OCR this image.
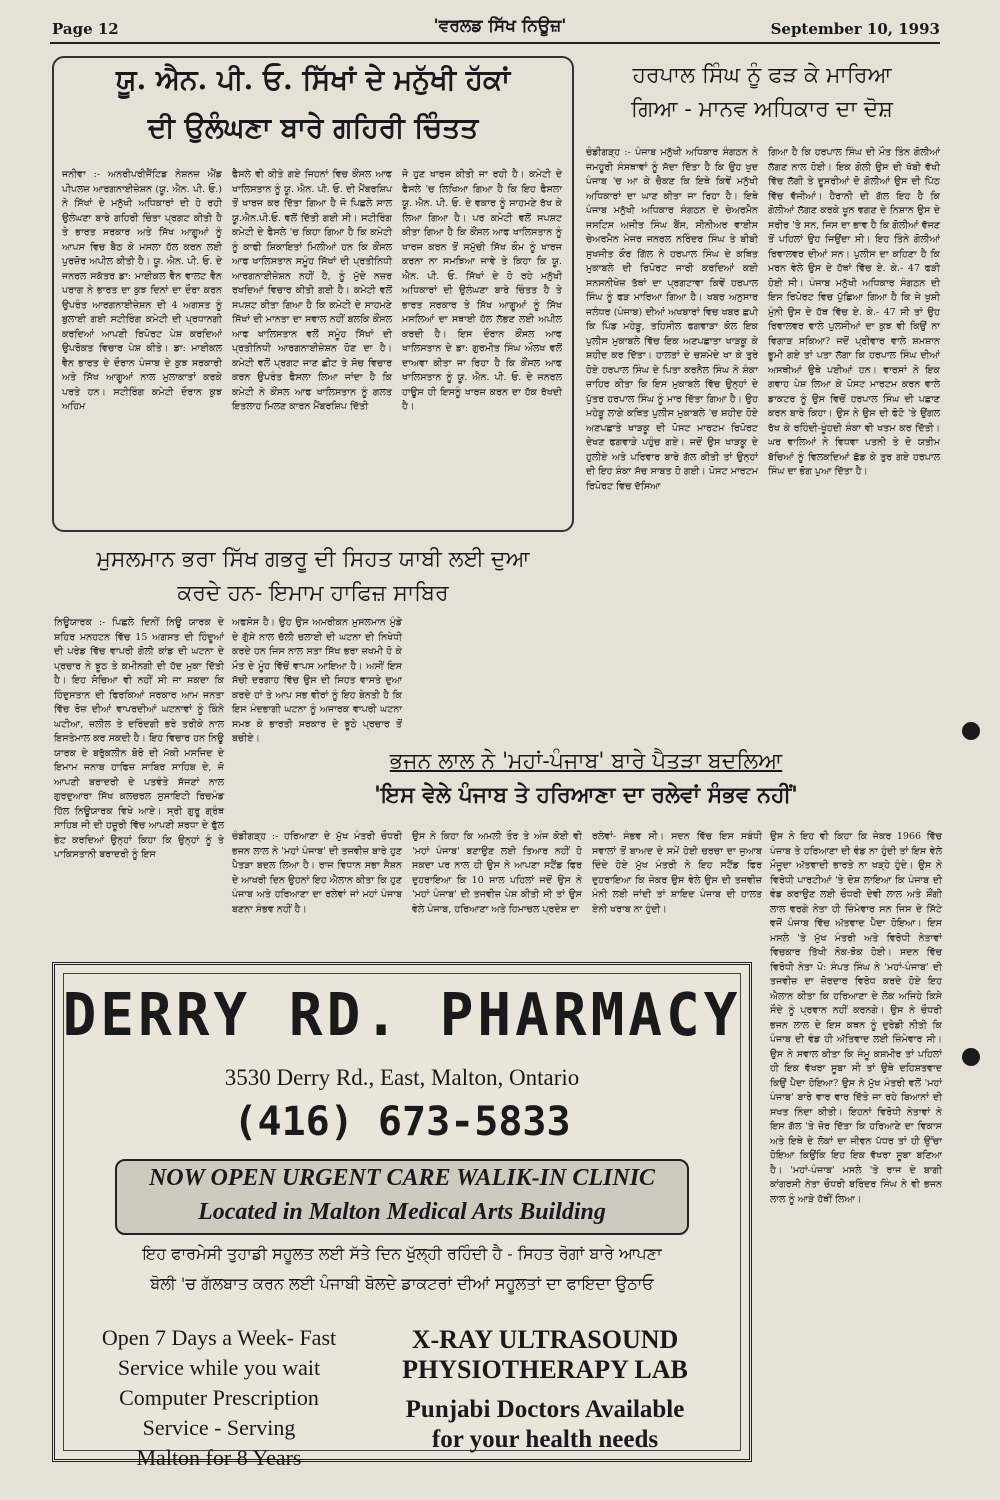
Page 12	'ਵਰਲਡ ਸਿੱਖ ਨਿਊਜ਼'	September 10, 1993
ਯੂ. ਐਨ. ਪੀ. ਓ. ਸਿੱਖਾਂ ਦੇ ਮਨੁੱਖੀ ਹੱਕਾਂ
ਦੀ ਉਲੰਘਣਾ ਬਾਰੇ ਗਹਿਰੀ ਚਿੰਤਤ
ਜਨੀਵਾ :- ਅਨਰੀਪਰੀਜੈਂਟਿਡ ਨੇਸ਼ਨਜ਼ ਐਂਡ ਪੀਪਲਜ਼ ਆਰਗਨਾਈਜ਼ੇਸ਼ਨ (ਯੂ. ਐਨ. ਪੀ. ਓ.) ਨੇ ਸਿੱਖਾਂ ਦੇ ਮਨੁੱਖੀ ਅਧਿਕਾਰਾਂ ਦੀ ਹੋ ਰਹੀ ਉਲੰਘਣਾ ਬਾਰੇ ਗਹਿਰੀ ਚਿੰਤਾ ਪ੍ਰਗਟ ਕੀਤੀ ਹੈ ਤੇ ਭਾਰਤ ਸਰਕਾਰ ਅਤੇ ਸਿੱਖ ਆਗੂਆਂ ਨੂੰ ਆਪਸ ਵਿਚ ਬੈਠ ਕੇ ਮਸਲਾ ਹੱਲ ਕਰਨ ਲਈ ਪੁਰਜ਼ੋਰ ਅਪੀਲ ਕੀਤੀ ਹੈ। ਯੂ. ਐਨ. ਪੀ. ਓ. ਦੇ ਜਨਰਲ ਸਕੱਤਰ ਡਾ: ਮਾਈਕਲ ਵੈਨ ਵਾਲਟ ਵੈਨ ਪਰਾਗ ਨੇ ਭਾਰਤ ਦਾ ਕੁਝ ਦਿਨਾਂ ਦਾ ਦੌਰਾ ਕਰਨ ਉਪਰੰਤ ਆਰਗਨਾਈਜ਼ੇਸ਼ਨ ਦੀ 4 ਅਗਸਤ ਨੂੰ ਬੁਲਾਈ ਗਈ ਸਟੀਰਿੰਗ ਕਮੇਟੀ ਦੀ ਪ੍ਰਧਾਨਗੀ ਕਰਦਿਆਂ ਆਪਣੀ ਰਿਪੋਰਟ ਪੇਸ਼ ਕਰਦਿਆਂ ਉਪਰੋਕਤ ਵਿਚਾਰ ਪੇਸ਼ ਕੀਤੇ। ਡਾ: ਮਾਈਕਲ ਵੈਨ ਭਾਰਤ ਦੇ ਦੌਰਾਨ ਪੰਜਾਬ ਦੇ ਕੁਝ ਸਰਕਾਰੀ ਅਤੇ ਸਿੱਖ ਆਗੂਆਂ ਨਾਲ ਮੁਲਾਕਾਤਾਂ ਕਰਕੇ ਪਰਤੇ ਹਨ। ਸਟੀਰਿੰਗ ਕਮੇਟੀ ਦੌਰਾਨ ਕੁਝ ਅਹਿਮ
ਫੈਸਲੇ ਵੀ ਕੀਤੇ ਗਏ ਜਿਹਨਾਂ ਵਿਚ ਕੌਂਸਲ ਆਫ ਖਾਲਿਸਤਾਨ ਨੂੰ ਯੂ. ਐਨ. ਪੀ. ਓ. ਦੀ ਮੈਂਬਰਸ਼ਿਪ ਤੋਂ ਖਾਰਜ ਕਰ ਦਿੱਤਾ ਗਿਆ ਹੈ ਜੋ ਪਿਛਲੇ ਸਾਲ ਯੂ.ਐਨ.ਪੀ.ਓ. ਵਲੋਂ ਦਿੱਤੀ ਗਈ ਸੀ। ਸਟੀਰਿੰਗ ਕਮੇਟੀ ਦੇ ਫੈਸਲੇ 'ਚ ਕਿਹਾ ਗਿਆ ਹੈ ਕਿ ਕਮੇਟੀ ਨੂੰ ਕਾਫੀ ਸ਼ਿਕਾਇਤਾਂ ਮਿਲੀਆਂ ਹਨ ਕਿ ਕੌਂਸਲ ਆਫ ਖਾਲਿਸਤਾਨ ਸਮੂੰਹ ਸਿੱਖਾਂ ਦੀ ਪ੍ਰਤੀਨਿਧੀ ਆਰਗਨਾਈਜ਼ੇਸ਼ਨ ਨਹੀਂ ਹੈ, ਨੂੰ ਮੁੱਦੇ ਨਜ਼ਰ ਰਖਦਿਆਂ ਵਿਚਾਰ ਕੀਤੀ ਗਈ ਹੈ। ਕਮੇਟੀ ਵਲੋਂ ਸਪਸ਼ਟ ਕੀਤਾ ਗਿਆ ਹੈ ਕਿ ਕਮੇਟੀ ਦੇ ਸਾਹਮਣੇ ਸਿੱਖਾਂ ਦੀ ਮਾਨਤਾ ਦਾ ਸਵਾਲ ਨਹੀਂ ਬਲਕਿ ਕੌਂਸਲ ਆਫ ਖਾਲਿਸਤਾਨ ਵਲੋਂ ਸਮੂੰਹ ਸਿੱਖਾਂ ਦੀ ਪ੍ਰਤੀਨਿਧੀ ਆਰਗਨਾਈਜ਼ੇਸ਼ਨ ਹੋਣ ਦਾ ਹੈ। ਕਮੇਟੀ ਵਲੋਂ ਪ੍ਰਗਟ ਜਾਣ ਛੀਟ ਤੇ ਸੋਚ ਵਿਚਾਰ ਕਰਨ ਉਪਰੰਤ ਫੈਸਲਾ ਲਿਆ ਜਾਂਦਾ ਹੈ ਕਿ ਕਮੇਟੀ ਨੇ ਕੌਂਸਲ ਆਫ ਖਾਲਿਸਤਾਨ ਨੂੰ ਗਲਤ ਇਤਲਾਹ ਮਿਲਣ ਕਾਰਨ ਮੈਂਬਰਸ਼ਿਪ ਦਿੱਤੀ
ਜੋ ਹੁਣ ਖਾਰਜ ਕੀਤੀ ਜਾ ਰਹੀ ਹੈ। ਕਮੇਟੀ ਦੇ ਫੈਸਲੇ 'ਚ ਲਿਖਿਆ ਗਿਆ ਹੈ ਕਿ ਇਹ ਫੈਸਲਾ ਯੂ. ਐਨ. ਪੀ. ਓ. ਦੇ ਵਕਾਰ ਨੂੰ ਸਾਹਮਣੇ ਰੱਖ ਕੇ ਲਿਆ ਗਿਆ ਹੈ। ਪਰ ਕਮੇਟੀ ਵਲੋਂ ਸਪਸ਼ਟ ਕੀਤਾ ਗਿਆ ਹੈ ਕਿ ਕੌਂਸਲ ਆਫ ਖਾਲਿਸਤਾਨ ਨੂੰ ਖਾਰਜ ਕਰਨ ਤੋਂ ਸਮੁੱਚੀ ਸਿੱਖ ਕੌਮ ਨੂੰ ਖਾਰਜ ਕਰਨਾ ਨਾ ਸਮਝਿਆ ਜਾਵੇ ਤੇ ਕਿਹਾ ਕਿ ਯੂ. ਐਨ. ਪੀ. ਓ. ਸਿੱਖਾਂ ਦੇ ਹੋ ਰਹੇ ਮਨੁੱਖੀ ਅਧਿਕਾਰਾਂ ਦੀ ਉਲੰਘਣਾ ਬਾਰੇ ਚਿੰਤਤ ਹੈ ਤੇ ਭਾਰਤ ਸਰਕਾਰ ਤੇ ਸਿੱਖ ਆਗੂਆਂ ਨੂੰ ਸਿੱਖ ਮਸਲਿਆਂ ਦਾ ਸਥਾਈ ਹੱਲ ਲੱਭਣ ਲਈ ਅਪੀਲ ਕਰਦੀ ਹੈ। ਇਸ ਦੌਰਾਨ ਕੌਂਸਲ ਆਫ ਖਾਲਿਸਤਾਨ ਦੇ ਡਾ: ਗੁਰਮੀਤ ਸਿੰਘ ਔਲਖ ਵਲੋਂ ਦਾਅਵਾ ਕੀਤਾ ਜਾ ਰਿਹਾ ਹੈ ਕਿ ਕੌਂਸਲ ਆਫ ਖਾਲਿਸਤਾਨ ਨੂੰ ਯੂ. ਐਨ. ਪੀ. ਓ. ਦੇ ਜਨਰਲ ਹਾਊਸ ਹੀ ਇਸਨੂੰ ਖਾਰਜ ਕਰਨ ਦਾ ਹੱਕ ਰੱਖਦੀ ਹੈ।
ਹਰਪਾਲ ਸਿੰਘ ਨੂੰ ਫੜ ਕੇ ਮਾਰਿਆ
ਗਿਆ - ਮਾਨਵ ਅਧਿਕਾਰ ਦਾ ਦੋਸ਼
ਚੰਡੀਗੜ੍ਹ :- ਪੰਜਾਬ ਮਨੁੱਖੀ ਅਧਿਕਾਰ ਸੰਗਠਨ ਨੇ ਜਮਹੂਰੀ ਸੰਸਥਾਵਾਂ ਨੂੰ ਸੱਦਾ ਦਿੱਤਾ ਹੈ ਕਿ ਉਹ ਖੁਦ ਪੰਜਾਬ 'ਚ ਆ ਕੇ ਚੈਕਣ ਕਿ ਇਥੇ ਕਿਵੇਂ ਮਨੁੱਖੀ ਅਧਿਕਾਰਾਂ ਦਾ ਘਾਣ ਕੀਤਾ ਜਾ ਰਿਹਾ ਹੈ। ਇਥੇ ਪੰਜਾਬ ਮਨੁੱਖੀ ਅਧਿਕਾਰ ਸੰਗਠਨ ਦੇ ਚੇਅਰਮੈਨ ਜਸਟਿਸ ਅਜੀਤ ਸਿੰਘ ਬੈਂਸ, ਸੀਨੀਅਰ ਵਾਈਸ ਚੇਅਰਮੈਨ ਮੇਜਰ ਜਨਰਲ ਨਰਿੰਦਰ ਸਿੰਘ ਤੇ ਬੀਬੀ ਸੁਖਜੀਤ ਕੌਰ ਗਿੱਲ ਨੇ ਹਰਪਾਲ ਸਿੰਘ ਦੇ ਕਥਿਤ ਮੁਕਾਬਲੇ ਦੀ ਰਿਪੋਰਟ ਜਾਰੀ ਕਰਦਿਆਂ ਕਈ ਸਨਸਨੀਖੇਜ਼ ਤੱਥਾਂ ਦਾ ਪ੍ਰਗਟਾਵਾ ਕਿਵੇਂ ਹਰਪਾਲ ਸਿੰਘ ਨੂੰ ਫੜ ਮਾਰਿਆ ਗਿਆ ਹੈ। ਖਬਰ ਅਨੁਸਾਰ ਜਲੰਧਰ (ਪੰਜਾਬ) ਦੀਆਂ ਅਖਬਾਰਾਂ ਵਿਚ ਖਬਰ ਛਪੀ ਕਿ ਪਿੰਡ ਮਹੇੜੂ, ਤਹਿਸੀਲ ਫਗਵਾੜਾ ਕੋਲ ਇਕ ਪੁਲੀਸ ਮੁਕਾਬਲੇ ਵਿੱਚ ਇਕ ਅਣਪਛਾਤਾ ਖਾੜਕੂ ਕੇ ਸ਼ਹੀਦ ਕਰ ਦਿੱਤਾ। ਹਾਲਤਾਂ ਦੇ ਚਸ਼ਮੇਦੇ ਖਾ ਕੇ ਤੁਰੇ ਹੋਏ ਹਰਪਾਲ ਸਿੰਘ ਦੇ ਪਿਤਾ ਕਰਨੈਲ ਸਿੰਘ ਨੇ ਸ਼ੰਕਾ ਜ਼ਾਹਿਰ ਕੀਤਾ ਕਿ ਇਸ ਮੁਕਾਬਲੇ ਵਿੱਚ ਉਨ੍ਹਾਂ ਦੇ ਪੁੱਤਰ ਹਰਪਾਲ ਸਿੰਘ ਨੂੰ ਮਾਰ ਦਿੱਤਾ ਗਿਆ ਹੈ। ਉਹ ਮਹੇੜੂ ਲਾਗੇ ਕਥਿਤ ਪੁਲੀਸ ਮੁਕਾਬਲੇ 'ਚ ਸ਼ਹੀਦ ਹੋਏ ਅਣਪਛਾਤੇ ਖਾੜਕੂ ਦੀ ਪੋਸਟ ਮਾਰਟਮ ਰਿਪੋਰਟ ਦੇਖਣ ਫਗਵਾੜੇ ਪਹੁੰਚ ਗਏ। ਜਦੋਂ ਉਸ ਖਾੜਕੂ ਦੇ ਹੁਲੀਏ ਅਤੇ ਪਰਿਵਾਰ ਬਾਰੇ ਗੱਲ ਕੀਤੀ ਤਾਂ ਉਨ੍ਹਾਂ ਦੀ ਇਹ ਸ਼ੰਕਾ ਸੱਚ ਸਾਬਤ ਹੋ ਗਈ। ਪੋਸਟ ਮਾਰਟਮ ਰਿਪੋਰਟ ਵਿਚ ਦੱਸਿਆ
ਗਿਆ ਹੈ ਕਿ ਹਰਪਾਲ ਸਿੰਘ ਦੀ ਮੌਤ ਤਿੰਨ ਗੋਲੀਆਂ ਲੱਗਣ ਨਾਲ ਹੋਈ। ਇਕ ਗੋਲੀ ਉਸ ਦੀ ਖੱਬੀ ਵੱਖੀ ਵਿੱਚ ਲੱਗੀ ਤੇ ਦੂਸਰੀਆਂ ਦੋ ਗੋਲੀਆਂ ਉਸ ਦੀ ਪਿੱਠ ਵਿੱਚ ਵੱਜੀਆਂ। ਹੈਰਾਨੀ ਦੀ ਗੱਲ ਇਹ ਹੈ ਕਿ ਗੋਲੀਆਂ ਲੱਗਣ ਕਰਕੇ ਖੂਨ ਵਗਣ ਦੇ ਨਿਸ਼ਾਨ ਉਸ ਦੇ ਸਰੀਰ 'ਤੇ ਸਨ, ਜਿਸ ਦਾ ਭਾਵ ਹੈ ਕਿ ਗੋਲੀਆਂ ਵੱਜਣ ਤੋਂ ਪਹਿਲਾਂ ਉਹ ਜਿਉਂਦਾ ਸੀ। ਇਹ ਤਿੰਨੇ ਗੋਲੀਆਂ ਰਿਵਾਲਵਰ ਦੀਆਂ ਸਨ। ਪੁਲੀਸ ਦਾ ਕਹਿਣਾ ਹੈ ਕਿ ਮਰਨ ਵੇਲੇ ਉਸ ਦੇ ਹੱਥਾਂ ਵਿੱਚ ਏ. ਕੇ.- 47 ਫੜੀ ਹੋਈ ਸੀ। ਪੰਜਾਬ ਮਨੁੱਖੀ ਅਧਿਕਾਰ ਸੰਗਠਨ ਦੀ ਇਸ ਰਿਪੋਰਟ ਵਿਚ ਪੁੱਛਿਆ ਗਿਆ ਹੈ ਕਿ ਜੇ ਖੁਸ਼ੀ ਮੁੰਨੀ ਉਸ ਦੇ ਹੱਥ ਵਿੱਚ ਏ. ਕੇ.- 47 ਸੀ ਤਾਂ ਉਹ ਰਿਵਾਲਵਰ ਵਾਲੇ ਪੁਲਸੀਆਂ ਦਾ ਕੁਝ ਵੀ ਕਿਉਂ ਨਾ ਵਿਗਾੜ ਸਕਿਆ? ਜਦੋਂ ਪ੍ਰੀਵਾਰ ਵਾਲੇ ਸ਼ਮਸ਼ਾਨ ਭੂਮੀ ਗਏ ਤਾਂ ਪਤਾ ਲੱਗਾ ਕਿ ਹਰਪਾਲ ਸਿੰਘ ਦੀਆਂ ਅਸਥੀਆਂ ਉਥੇ ਪਈਆਂ ਹਨ। ਵਾਰਸਾਂ ਨੇ ਇਕ ਗਵਾਹ ਪੇਸ਼ ਲਿਆ ਕੇ ਪੋਸਟ ਮਾਰਟਮ ਕਰਨ ਵਾਲੇ ਡਾਕਟਰ ਨੂੰ ਉਸ ਵਿਚੋਂ ਹਰਪਾਲ ਸਿੰਘ ਦੀ ਪਛਾਣ ਕਰਨ ਬਾਰੇ ਕਿਹਾ। ਉਸ ਨੇ ਉਸ ਦੀ ਫੋਟੋ 'ਤੇ ਉਂਗਲ ਰੱਖ ਕੇ ਰਹਿੰਦੀ-ਖੂੰਹਦੀ ਸ਼ੰਕਾ ਵੀ ਖਤਮ ਕਰ ਦਿੱਤੀ। ਘਰ ਵਾਲਿਆਂ ਨੇ ਵਿਧਵਾ ਪਤਨੀ ਤੇ ਦੋ ਯਤੀਮ ਬੱਚਿਆਂ ਨੂੰ ਵਿਲਕਦਿਆਂ ਛੱਡ ਕੇ ਤੁਰ ਗਏ ਹਰਪਾਲ ਸਿੰਘ ਦਾ ਭੋਗ ਪੁਆ ਦਿੱਤਾ ਹੈ।
ਮੁਸਲਮਾਨ ਭਰਾ ਸਿੱਖ ਗਭਰੂ ਦੀ ਸਿਹਤ ਯਾਬੀ ਲਈ ਦੁਆ
ਕਰਦੇ ਹਨ- ਇਮਾਮ ਹਾਫਿਜ਼ ਸਾਬਿਰ
ਨਿਊਯਾਰਕ :- ਪਿਛਲੇ ਦਿਨੀਂ ਨਿਊ ਯਾਰਕ ਦੇ ਸ਼ਹਿਰ ਮਨਹਟਨ ਵਿੱਚ 15 ਅਗਸਤ ਦੀ ਹਿੰਦੂਆਂ ਦੀ ਪਰੇਡ ਵਿੱਚ ਵਾਪਰੀ ਗੋਲੀ ਕਾਂਡ ਦੀ ਘਟਨਾ ਦੇ ਪ੍ਰਚਾਰ ਨੇ ਝੂਠ ਤੇ ਕਮੀਨਗੀ ਦੀ ਹੱਦ ਮੁਕਾ ਦਿੱਤੀ ਹੈ। ਇਹ ਸੋਚਿਆ ਵੀ ਨਹੀਂ ਸੀ ਜਾ ਸਕਦਾ ਕਿ ਹਿੰਦੁਸਤਾਨ ਦੀ ਫਿਰਕਿਆਂ ਸਰਕਾਰ ਆਮ ਜਨਤਾ ਵਿੱਚ ਰੋਜ਼ ਦੀਆਂ ਵਾਪਰਦੀਆਂ ਘਟਨਾਵਾਂ ਨੂੰ ਕਿੰਨੇ ਘਟੀਆ, ਜ਼ਲੀਲ ਤੇ ਦਰਿੰਦਗੀ ਭਰੇ ਤਰੀਕੇ ਨਾਲ ਇਸਤੇਮਾਲ ਕਰ ਸਕਦੀ ਹੈ। ਇਹ ਵਿਚਾਰ ਹਨ ਨਿਊ ਯਾਰਕ ਦੇ ਬਰੁੱਕਲੀਨ ਬੋਰੋ ਦੀ ਮੱਕੀ ਮਸਜਿਦ ਦੇ ਇਮਾਮ ਜਨਾਬ ਹਾਫਿਜ਼ ਸਾਬਿਰ ਸਾਹਿਬ ਦੇ, ਜੋ ਆਪਣੀ ਬਰਾਦਰੀ ਦੇ ਪਤਵੰਤੇ ਸੱਜਣਾਂ ਨਾਲ ਗੁਰਦੁਆਰਾ ਸਿੱਖ ਕਲਚਰਲ ਸੁਸਾਇਟੀ ਰਿਚਮੰਡ ਹਿੱਲ ਨਿਊਯਾਰਕ ਵਿਖੇ ਆਏ। ਸ੍ਰੀ ਗੁਰੂ ਗ੍ਰੰਥ ਸਾਹਿਬ ਜੀ ਦੀ ਹਜ਼ੂਰੀ ਵਿੱਚ ਆਪਣੀ ਸ਼ਰਧਾ ਦੇ ਫੁੱਲ ਭੇਟ ਕਰਦਿਆਂ ਉਨ੍ਹਾਂ ਕਿਹਾ ਕਿ ਉਨ੍ਹਾਂ ਨੂੰ ਤੇ ਪਾਕਿਸਤਾਨੀ ਬਰਾਦਰੀ ਨੂੰ ਇਸ
ਅਫਸੋਸ ਹੈ। ਉਹ ਉਸ ਅਮਰੀਕਨ ਮੁਸਲਮਾਨ ਮੁੰਡੇ ਦੇ ਗੁੱਸੇ ਨਾਲ ਚੱਲੀ ਚਲਾਈ ਦੀ ਘਟਨਾ ਦੀ ਨਿਖੇਧੀ ਕਰਦੇ ਹਨ ਜਿਸ ਨਾਲ ਸਤਾ ਸਿੱਖ ਭਰਾ ਜ਼ਖਮੀ ਹੋ ਕੇ ਮੌਤ ਦੇ ਮੂੰਹ ਵਿੱਚੋਂ ਵਾਪਸ ਆਇਆ ਹੈ। ਅਸੀਂ ਇਸ ਸੱਚੀ ਦਰਗਾਹ ਵਿੱਚ ਉਸ ਦੀ ਸਿਹਤ ਵਾਸਤੇ ਦੁਆ ਕਰਦੇ ਹਾਂ ਤੇ ਆਪ ਸਭ ਵੀਰਾਂ ਨੂੰ ਇਹ ਬੇਨਤੀ ਹੈ ਕਿ ਇਸ ਮੰਦਭਾਗੀ ਘਟਨਾ ਨੂੰ ਅਜਾਰਕ ਵਾਪਰੀ ਘਟਨਾ ਸਮਝ ਕੇ ਭਾਰਤੀ ਸਰਕਾਰ ਦੇ ਝੂਠੇ ਪ੍ਰਚਾਰ ਤੋਂ ਬਚੀਏ।
ਭਜਨ ਲਾਲ ਨੇ 'ਮਹਾਂ-ਪੰਜਾਬ' ਬਾਰੇ ਪੈਤੜਾ ਬਦਲਿਆ
'ਇਸ ਵੇਲੇ ਪੰਜਾਬ ਤੇ ਹਰਿਆਣਾ ਦਾ ਰਲੇਵਾਂ ਸੰਭਵ ਨਹੀਂ'
ਚੰਡੀਗੜ੍ਹ :- ਹਰਿਆਣਾ ਦੇ ਮੁੱਖ ਮੰਤਰੀ ਚੌਧਰੀ ਭਜਨ ਲਾਲ ਨੇ 'ਮਹਾਂ ਪੰਜਾਬ' ਦੀ ਤਜਵੀਜ਼ ਬਾਰੇ ਹੁਣ ਪੈਤੜਾ ਬਦਲ ਲਿਆ ਹੈ। ਰਾਜ ਵਿਧਾਨ ਸਭਾ ਸੈਸ਼ਨ ਦੇ ਆਖਰੀ ਦਿਨ ਉਹਨਾਂ ਇਹ ਐਲਾਨ ਕੀਤਾ ਕਿ ਹੁਣ ਪੰਜਾਬ ਅਤੇ ਹਰਿਆਣਾ ਦਾ ਰਲੇਵਾਂ ਜਾਂ ਮਹਾਂ ਪੰਜਾਬ ਬਣਨਾ ਸੰਭਵ ਨਹੀਂ ਹੈ।
ਉਸ ਨੇ ਕਿਹਾ ਕਿ ਅਮਲੀ ਤੌਰ ਤੇ ਅੰਜ ਕੋਈ ਵੀ 'ਮਹਾਂ ਪੰਜਾਬ' ਬਣਾਉਣ ਲਈ ਤਿਆਰ ਨਹੀਂ ਹੋ ਸਕਦਾ ਪਰ ਨਾਲ ਹੀ ਉਸ ਨੇ ਆਪਣਾ ਸਟੈਂਡ ਫਿਰ ਦੁਹਰਾਇਆ ਕਿ 10 ਸਾਲ ਪਹਿਲਾਂ ਜਦੋਂ ਉਸ ਨੇ 'ਮਹਾਂ ਪੰਜਾਬ' ਦੀ ਤਜਵੀਜ਼ ਪੇਸ਼ ਕੀਤੀ ਸੀ ਤਾਂ ਉਸ ਵੇਲੇ ਪੰਜਾਬ, ਹਰਿਆਣਾ ਅਤੇ ਹਿਮਾਚਲ ਪ੍ਰਦੇਸ਼ ਦਾ
ਰਲੇਵਾਂ- ਸੰਭਵ ਸੀ। ਸਦਨ ਵਿੱਚ ਇਸ ਸਬੰਧੀ ਸਵਾਲਾਂ ਤੋਂ ਬਾਅਦ ਦੇ ਸਮੇਂ ਹੋਈ ਚਰਚਾ ਦਾ ਜੁਆਬ ਦਿੰਦੇ ਹੋਏ ਮੁੱਖ ਮੰਤਰੀ ਨੇ ਇਹ ਸਟੈਂਡ ਫਿਰ ਦੁਹਰਾਇਆ ਕਿ ਜੇਕਰ ਉਸ ਵੇਲੇ ਉਸ ਦੀ ਤਜਵੀਜ਼ ਮੰਨੀ ਲਈ ਜਾਂਦੀ ਤਾਂ ਸ਼ਾਇਦ ਪੰਜਾਬ ਦੀ ਹਾਲਤ ਏਨੀ ਖਰਾਬ ਨਾ ਹੁੰਦੀ।
ਉਸ ਨੇ ਇਹ ਵੀ ਕਿਹਾ ਕਿ ਜੇਕਰ 1966 ਵਿੱਚ ਪੰਜਾਬ ਤੇ ਹਰਿਆਣਾ ਦੀ ਵੰਡ ਨਾ ਹੁੰਦੀ ਤਾਂ ਇਸ ਵੇਲੇ ਮੌਜੂਦਾ ਅੱਤਵਾਦੀ ਭਾਰਤੇ ਨਾ ਖੜ੍ਹੇ ਹੁੰਦੇ। ਉਸ ਨੇ ਵਿਰੋਧੀ ਪਾਰਟੀਆਂ 'ਤੇ ਦੋਸ਼ ਲਾਇਆ ਕਿ ਪੰਜਾਬ ਦੀ ਵੰਡ ਕਰਾਉਣ ਲਈ ਚੌਧਰੀ ਦੇਵੀ ਲਾਲ ਅਤੇ ਸ਼ੌਂਗੀ ਲਾਲ ਵਰਗੇ ਨੇਤਾ ਹੀ ਜ਼ਿੰਮੇਵਾਰ ਸਨ ਜਿਸ ਦੇ ਸਿੱਟੇ ਵਜੋਂ ਪੰਜਾਬ ਵਿੱਚ ਅੱਤਵਾਦ ਪੈਦਾ ਹੋਇਆ। ਇਸ ਮਸਲੇ 'ਤੇ ਮੁੱਖ ਮੰਤਰੀ ਅਤੇ ਵਿਰੋਧੀ ਨੇਤਾਵਾਂ ਵਿਚਕਾਰ ਤਿੱਖੀ ਨੋਕ-ਝੋਕ ਹੋਈ। ਸਦਨ ਵਿੱਚ ਵਿਰੋਧੀ ਨੇਤਾ ਪੋ: ਸੰਪਤ ਸਿੰਘ ਨੇ 'ਮਹਾਂ-ਪੰਜਾਬ' ਦੀ ਤਜਵੀਜ਼ ਦਾ ਜ਼ੋਰਦਾਰ ਵਿਰੋਧ ਕਰਦੇ ਹੋਏ ਇਹ ਐਲਾਨ ਕੀਤਾ ਕਿ ਹਰਿਆਣਾ ਦੇ ਲੋਕ ਅਜਿਹੇ ਕਿਸੇ ਸੌਦੇ ਨੂੰ ਪ੍ਰਵਾਨ ਨਹੀਂ ਕਰਨਗੇ। ਉਸ ਨੇ ਚੌਧਰੀ ਭਜਨ ਲਾਲ ਦੇ ਇਸ ਕਥਨ ਨੂੰ ਦੁਰੇਡੀ ਨੀਤੀ ਕਿ ਪੰਜਾਬ ਦੀ ਵੰਡ ਹੀ ਅੱਤਿਵਾਦ ਲਈ ਜ਼ਿੰਮੇਵਾਰ ਸੀ। ਉਸ ਨੇ ਸਵਾਲ ਕੀਤਾ ਕਿ ਜੰਮੂ ਕਸ਼ਮੀਰ ਤਾਂ ਪਹਿਲਾਂ ਹੀ ਇਕ ਵੱਖਰਾ ਸੂਬਾ ਸੀ ਤਾਂ ਉਥੇ ਦਹਿਸ਼ਤਵਾਦ ਕਿਉਂ ਪੈਦਾ ਹੋਇਆ? ਉਸ ਨੇ ਮੁੱਖ ਮੰਤਰੀ ਵਲੋਂ 'ਮਹਾਂ ਪੰਜਾਬ' ਬਾਰੇ ਵਾਰ ਵਾਰ ਦਿੱਤੇ ਜਾ ਰਹੇ ਬਿਆਨਾਂ ਦੀ ਸਖਤ ਨਿੰਦਾ ਕੀਤੀ। ਇਹਨਾਂ ਵਿਰੋਧੀ ਨੇਤਾਵਾਂ ਨੇ ਇਸ ਗੱਲ 'ਤੇ ਜ਼ੋਰ ਦਿੱਤਾ ਕਿ ਹਰਿਆਣੇ ਦਾ ਵਿਕਾਸ ਅਤੇ ਇਥੇ ਦੇ ਲੋਕਾਂ ਦਾ ਜੀਵਨ ਪੱਧਰ ਤਾਂ ਹੀ ਉੱਚਾ ਹੋਇਆ ਕਿਉਂਕਿ ਇਹ ਇਕ ਵੱਖਰਾ ਸੂਬਾ ਬਣਿਆ ਹੈ। 'ਮਹਾਂ-ਪੰਜਾਬ' ਮਸਲੇ 'ਤੇ ਰਾਜ ਦੇ ਬਾਗੀ ਕਾਂਗਰਸੀ ਨੇਤਾ ਚੌਧਰੀ ਬਰਿੰਦਰ ਸਿੰਘ ਨੇ ਵੀ ਭਜਨ ਲਾਲ ਨੂੰ ਆੜੇ ਹੱਥੀਂ ਲਿਆ।
DERRY RD. PHARMACY
3530 Derry Rd., East, Malton, Ontario
(416) 673-5833
NOW OPEN URGENT CARE WALIK-IN CLINIC
Located in Malton Medical Arts Building
ਇਹ ਫਾਰਮੇਸੀ ਤੁਹਾਡੀ ਸਹੂਲਤ ਲਈ ਸੱਤੇ ਦਿਨ ਖੁੱਲ੍ਹੀ ਰਹਿੰਦੀ ਹੈ - ਸਿਹਤ ਰੋਗਾਂ ਬਾਰੇ ਆਪਣਾ
ਬੋਲੀ 'ਚ ਗੱਲਬਾਤ ਕਰਨ ਲਈ ਪੰਜਾਬੀ ਬੋਲਦੇ ਡਾਕਟਰਾਂ ਦੀਆਂ ਸਹੂਲਤਾਂ ਦਾ ਫਾਇਦਾ ਉਠਾਓ
Open 7 Days a Week- Fast
Service while you wait
Computer Prescription
Service - Serving
Malton for 8 Years
X-RAY ULTRASOUND
PHYSIOTHERAPY LAB
Punjabi Doctors Available
for your health needs
